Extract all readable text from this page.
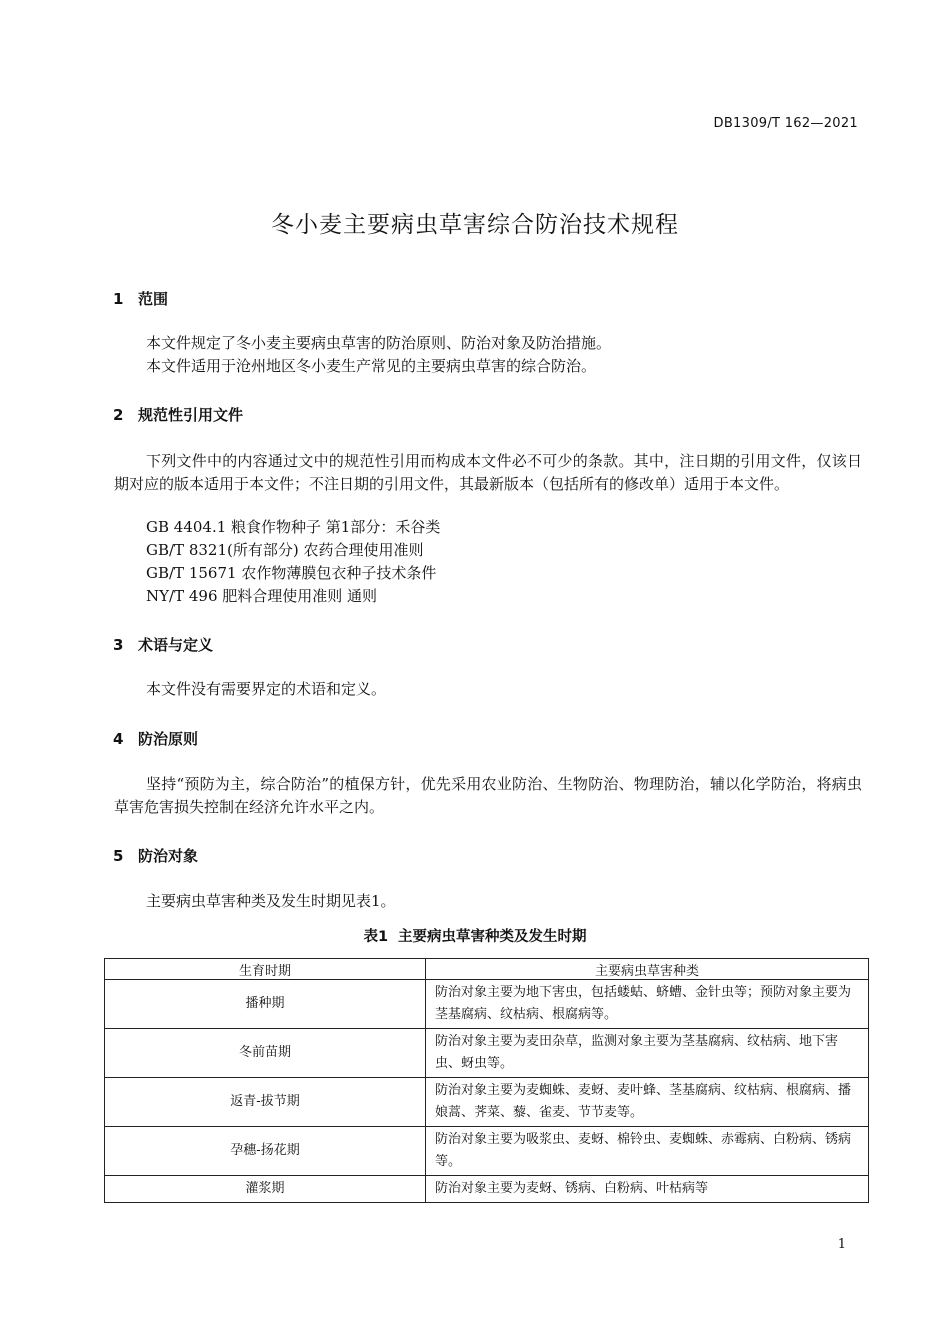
DB1309/T 162—2021
冬小麦主要病虫草害综合防治技术规程
1 范围
本文件规定了冬小麦主要病虫草害的防治原则、防治对象及防治措施。
本文件适用于沧州地区冬小麦生产常见的主要病虫草害的综合防治。
2 规范性引用文件
下列文件中的内容通过文中的规范性引用而构成本文件必不可少的条款。其中，注日期的引用文件，仅该日期对应的版本适用于本文件；不注日期的引用文件，其最新版本（包括所有的修改单）适用于本文件。
GB 4404.1 粮食作物种子 第1部分：禾谷类
GB/T 8321(所有部分) 农药合理使用准则
GB/T 15671 农作物薄膜包衣种子技术条件
NY/T 496 肥料合理使用准则 通则
3 术语与定义
本文件没有需要界定的术语和定义。
4 防治原则
坚持“预防为主，综合防治”的植保方针，优先采用农业防治、生物防治、物理防治，辅以化学防治，将病虫草害危害损失控制在经济允许水平之内。
5 防治对象
主要病虫草害种类及发生时期见表1。
表1 主要病虫草害种类及发生时期
生育时期	主要病虫草害种类
播种期	防治对象主要为地下害虫，包括蝼蛄、蛴螬、金针虫等；预防对象主要为茎基腐病、纹枯病、根腐病等。
冬前苗期	防治对象主要为麦田杂草，监测对象主要为茎基腐病、纹枯病、地下害虫、蚜虫等。
返青-拔节期	防治对象主要为麦蜘蛛、麦蚜、麦叶蜂、茎基腐病、纹枯病、根腐病、播娘蒿、荠菜、藜、雀麦、节节麦等。
孕穗-扬花期	防治对象主要为吸浆虫、麦蚜、棉铃虫、麦蜘蛛、赤霉病、白粉病、锈病等。
灌浆期	防治对象主要为麦蚜、锈病、白粉病、叶枯病等
1
